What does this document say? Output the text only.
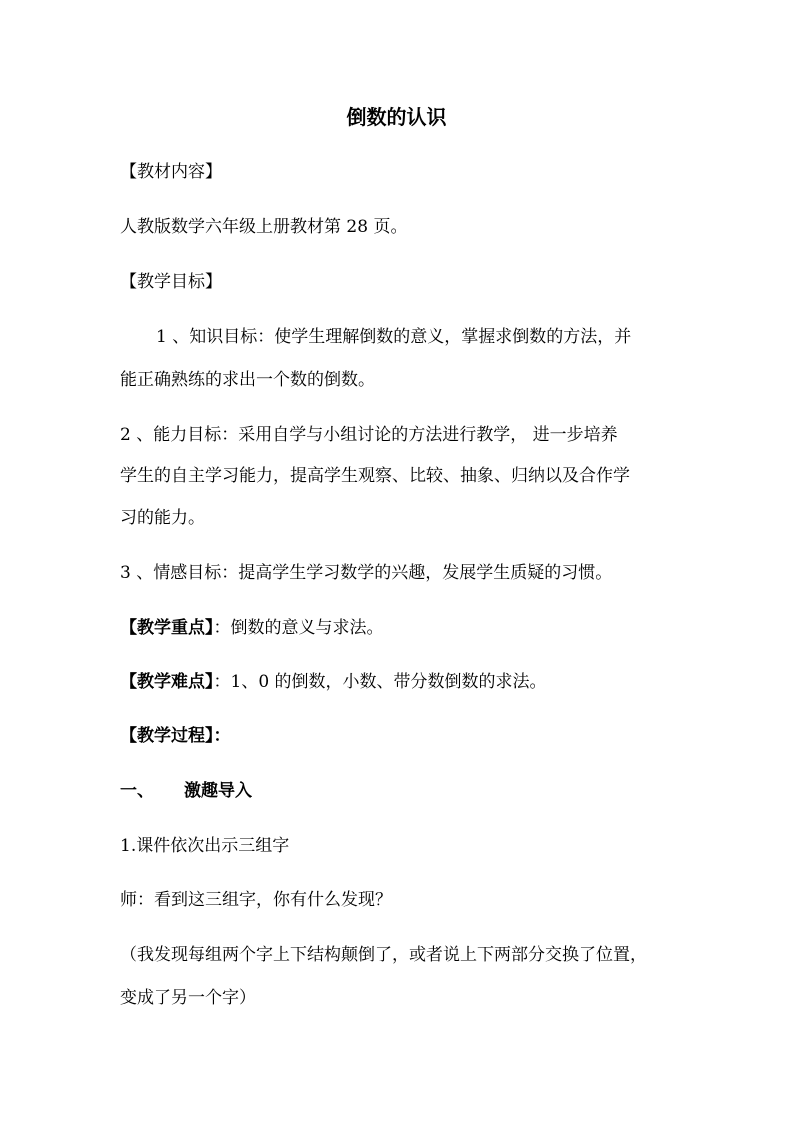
倒数的认识
【教材内容】
人教版数学六年级上册教材第 28 页。
【教学目标】
1 、知识目标：使学生理解倒数的意义，掌握求倒数的方法，并
能正确熟练的求出一个数的倒数。
2 、能力目标：采用自学与小组讨论的方法进行教学， 进一步培养
学生的自主学习能力，提高学生观察、比较、抽象、归纳以及合作学
习的能力。
3 、情感目标：提高学生学习数学的兴趣，发展学生质疑的习惯。
【教学重点】：倒数的意义与求法。
【教学难点】：1、0 的倒数，小数、带分数倒数的求法。
【教学过程】：
一、 激趣导入
1.课件依次出示三组字
师：看到这三组字，你有什么发现？
（我发现每组两个字上下结构颠倒了，或者说上下两部分交换了位置，
变成了另一个字）
